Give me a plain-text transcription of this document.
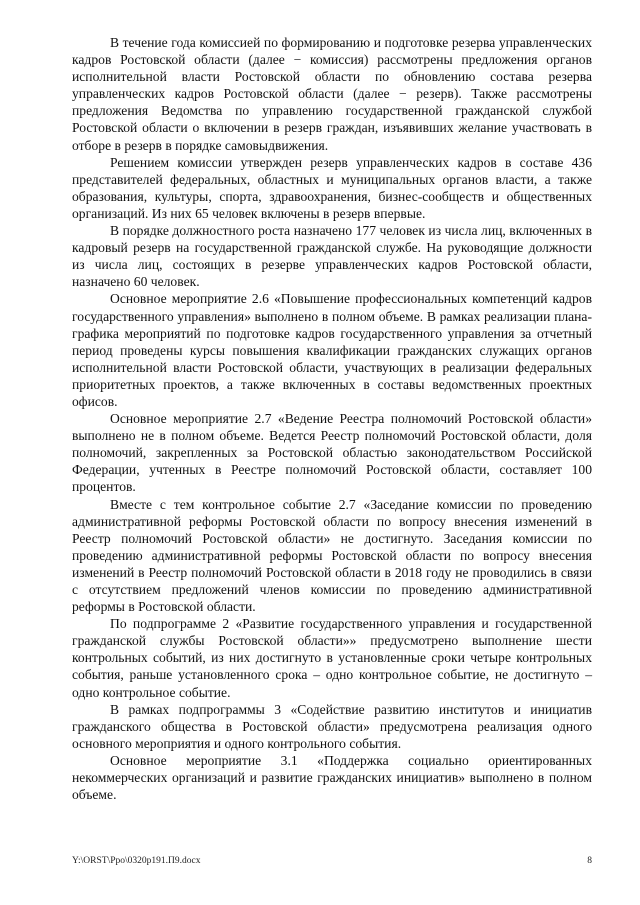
В течение года комиссией по формированию и подготовке резерва управленческих кадров Ростовской области (далее − комиссия) рассмотрены предложения органов исполнительной власти Ростовской области по обновлению состава резерва управленческих кадров Ростовской области (далее − резерв). Также рассмотрены предложения Ведомства по управлению государственной гражданской службой Ростовской области о включении в резерв граждан, изъявивших желание участвовать в отборе в резерв в порядке самовыдвижения.

Решением комиссии утвержден резерв управленческих кадров в составе 436 представителей федеральных, областных и муниципальных органов власти, а также образования, культуры, спорта, здравоохранения, бизнес-сообществ и общественных организаций. Из них 65 человек включены в резерв впервые.

В порядке должностного роста назначено 177 человек из числа лиц, включенных в кадровый резерв на государственной гражданской службе. На руководящие должности из числа лиц, состоящих в резерве управленческих кадров Ростовской области, назначено 60 человек.

Основное мероприятие 2.6 «Повышение профессиональных компетенций кадров государственного управления» выполнено в полном объеме. В рамках реализации плана-графика мероприятий по подготовке кадров государственного управления за отчетный период проведены курсы повышения квалификации гражданских служащих органов исполнительной власти Ростовской области, участвующих в реализации федеральных приоритетных проектов, а также включенных в составы ведомственных проектных офисов.

Основное мероприятие 2.7 «Ведение Реестра полномочий Ростовской области» выполнено не в полном объеме. Ведется Реестр полномочий Ростовской области, доля полномочий, закрепленных за Ростовской областью законодательством Российской Федерации, учтенных в Реестре полномочий Ростовской области, составляет 100 процентов.

Вместе с тем контрольное событие 2.7 «Заседание комиссии по проведению административной реформы Ростовской области по вопросу внесения изменений в Реестр полномочий Ростовской области» не достигнуто. Заседания комиссии по проведению административной реформы Ростовской области по вопросу внесения изменений в Реестр полномочий Ростовской области в 2018 году не проводились в связи с отсутствием предложений членов комиссии по проведению административной реформы в Ростовской области.

По подпрограмме 2 «Развитие государственного управления и государственной гражданской службы Ростовской области»» предусмотрено выполнение шести контрольных событий, из них достигнуто в установленные сроки четыре контрольных события, раньше установленного срока – одно контрольное событие, не достигнуто – одно контрольное событие.

В рамках подпрограммы 3 «Содействие развитию институтов и инициатив гражданского общества в Ростовской области» предусмотрена реализация одного основного мероприятия и одного контрольного события.

Основное мероприятие 3.1 «Поддержка социально ориентированных некоммерческих организаций и развитие гражданских инициатив» выполнено в полном объеме.

Y:\ORST\Ppo\0320p191.П9.docx	8
